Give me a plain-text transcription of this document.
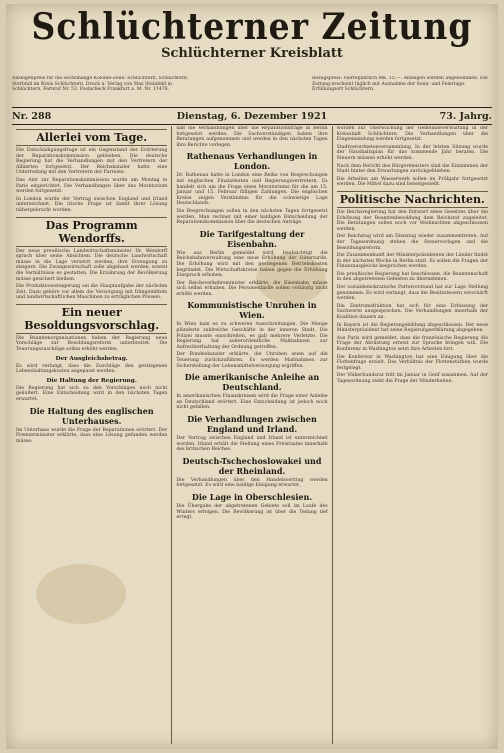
Schlüchterner Zeitung
Schlüchterner Kreisblatt
Anzeigenpreis für die sechsmalige Kolonel-Zeile: Schlüchtern, Schlüchtern, Sterbfall im Kreis Schlüchtern. Druck u. Verlag von Max Steinfeld in Schlüchtern, Fernruf Nr. 53. Postscheck Frankfurt a. M. Nr. 11478.
Bezugspreis: Vierteljährlich Mk. 15.—. Anzeigen werden angenommen. Die Zeitung erscheint täglich mit Ausnahme der Sonn- und Feiertage. Erfüllungsort Schlüchtern.
Nr. 288	Dienstag, 6. Dezember 1921	73. Jahrg.
Allerlei vom Tage.
Die Entschädigungsfrage ist ein Gegenstand der Erörterung der Reparationskommission geblieben. Die deutsche Regierung hat die Verhandlungen mit den Vertretern der Alliierten fortgesetzt. Der Reichskanzler hatte eine Unterredung mit den Vertretern der Parteien.
Das Amt zur Reparationskommission wurde am Montag in Paris eingerichtet. Die Verhandlungen über das Moratorium werden fortgesetzt.
In London wurde der Vertrag zwischen England und Irland unterzeichnet. Die irische Frage ist damit ihrer Lösung nähergebracht worden.
Das Programm Wendorffs.
Der neue preußische Landwirtschaftsminister Dr. Wendorff sprach über seine Absichten. Die deutsche Landwirtschaft müsse in die Lage versetzt werden, ihre Erzeugung zu steigern. Die Zwangswirtschaft solle abgebaut werden, soweit die Verhältnisse es gestatten. Die Ernährung der Bevölkerung müsse gesichert bleiben.
Die Produktionssteigerung sei die Hauptaufgabe der nächsten Zeit. Dazu gehöre vor allem die Versorgung mit Düngemitteln und landwirtschaftlichen Maschinen zu erträglichen Preisen.
Ein neuer Besoldungsvorschlag.
Die Beamtenorganisationen haben der Regierung neue Vorschläge zur Besoldungsreform unterbreitet. Die Teuerungszuschläge sollen erhöht werden.
Der Ausgleichsbetrag.
Es wird verlangt, dass die Zuschläge den gestiegenen Lebenshaltungskosten angepasst werden.
Die Haltung der Regierung.
Die Regierung hat sich zu den Vorschlägen noch nicht geäußert. Eine Entscheidung wird in den nächsten Tagen erwartet.
Die Haltung des englischen Unterhauses.
Im Unterhaus wurde die Frage der Reparationen erörtert. Der Premierminister erklärte, dass eine Lösung gefunden werden müsse.
daß die Verhandlungen über die Reparationsfrage in Berlin fortgesetzt werden. Die Sachverständigen haben ihre Beratungen aufgenommen und werden in den nächsten Tagen ihre Berichte vorlegen.
Rathenaus Verhandlungen in London.
Dr. Rathenau hatte in London eine Reihe von Besprechungen mit englischen Finanzleuten und Regierungsvertretern. Es handelt sich um die Frage eines Moratoriums für die am 15. Januar und 15. Februar fälligen Zahlungen. Die englischen Kreise zeigen Verständnis für die schwierige Lage Deutschlands.
Die Besprechungen sollen in den nächsten Tagen fortgesetzt werden. Man rechnet mit einer baldigen Entscheidung der Reparationskommission über die deutschen Anträge.
Die Tarifgestaltung der Eisenbahn.
Wie aus Berlin gemeldet wird, beabsichtigt die Reichsbahnverwaltung eine neue Erhöhung der Gütertarife. Die Erhöhung wird mit den gestiegenen Betriebskosten begründet. Die Wirtschaftskreise haben gegen die Erhöhung Einspruch erhoben.
Der Reichsverkehrsminister erklärte, die Eisenbahn müsse sich selbst erhalten. Die Personentarife sollen vorläufig nicht erhöht werden.
Kommunistische Unruhen in Wien.
In Wien kam es zu schweren Ausschreitungen. Die Menge plünderte zahlreiche Geschäfte in der inneren Stadt. Die Polizei musste einschreiten, es gab mehrere Verletzte. Die Regierung hat außerordentliche Maßnahmen zur Aufrechterhaltung der Ordnung getroffen.
Der Bundeskanzler erklärte, die Unruhen seien auf die Teuerung zurückzuführen. Es werden Maßnahmen zur Sicherstellung der Lebensmittelversorgung ergriffen.
Die amerikanische Anleihe an Deutschland.
In amerikanischen Finanzkreisen wird die Frage einer Anleihe an Deutschland erörtert. Eine Entscheidung ist jedoch noch nicht gefallen.
Die Verhandlungen zwischen England und Irland.
Der Vertrag zwischen England und Irland ist unterzeichnet worden. Irland erhält die Stellung eines Freistaates innerhalb des britischen Reiches.
Deutsch-Tschechoslowakei und der Rheinland.
Die Verhandlungen über den Handelsvertrag werden fortgesetzt. Es wird eine baldige Einigung erwartet.
Die Lage in Oberschlesien.
Die Übergabe der abgetretenen Gebiete soll im Laufe des Winters erfolgen. Die Bevölkerung ist über die Teilung tief erregt.
worden zur Überwachung der Gemeindeverwaltung in der Kreisstadt Schlüchtern. Die Verhandlungen über die Eingemeindung werden fortgesetzt.
Stadtverordnetenversammlung. In der letzten Sitzung wurde der Haushaltsplan für das kommende Jahr beraten. Die Steuern müssen erhöht werden.
Nach dem Bericht des Bürgermeisters sind die Einnahmen der Stadt hinter den Erwartungen zurückgeblieben.
Die Arbeiten am Wasserwerk sollen im Frühjahr fortgesetzt werden. Die Mittel dazu sind bereitgestellt.
Politische Nachrichten.
Die Reichsregierung hat den Entwurf eines Gesetzes über die Erhöhung der Beamtenbesoldung dem Reichsrat zugeleitet. Die Beratungen sollen noch vor Weihnachten abgeschlossen werden.
Der Reichstag wird am Dienstag wieder zusammentreten. Auf der Tagesordnung stehen die Steuervorlagen und die Besoldungsreform.
Die Zusammenkunft der Ministerpräsidenten der Länder findet in der nächsten Woche in Berlin statt. Es sollen die Fragen der Finanzausgleichs besprochen werden.
Die preußische Regierung hat beschlossen, die Beamtenschaft in den abgetretenen Gebieten zu übernehmen.
Der sozialdemokratische Parteivorstand hat zur Lage Stellung genommen. Es wird verlangt, dass die Besitzsteuern verschärft werden.
Die Zentrumsfraktion hat sich für eine Erfassung der Sachwerte ausgesprochen. Die Verhandlungen innerhalb der Koalition dauern an.
In Bayern ist die Regierungsbildung abgeschlossen. Der neue Ministerpräsident hat seine Regierungserklärung abgegeben.
Aus Paris wird gemeldet, dass die französische Regierung die Frage der Abrüstung erneut zur Sprache bringen will. Die Konferenz in Washington setzt ihre Arbeiten fort.
Die Konferenz in Washington hat eine Einigung über die Flottenfrage erzielt. Das Verhältnis der Flottenstärken wurde festgelegt.
Der Völkerbundsrat tritt im Januar in Genf zusammen. Auf der Tagesordnung steht die Frage der Minderheiten.
